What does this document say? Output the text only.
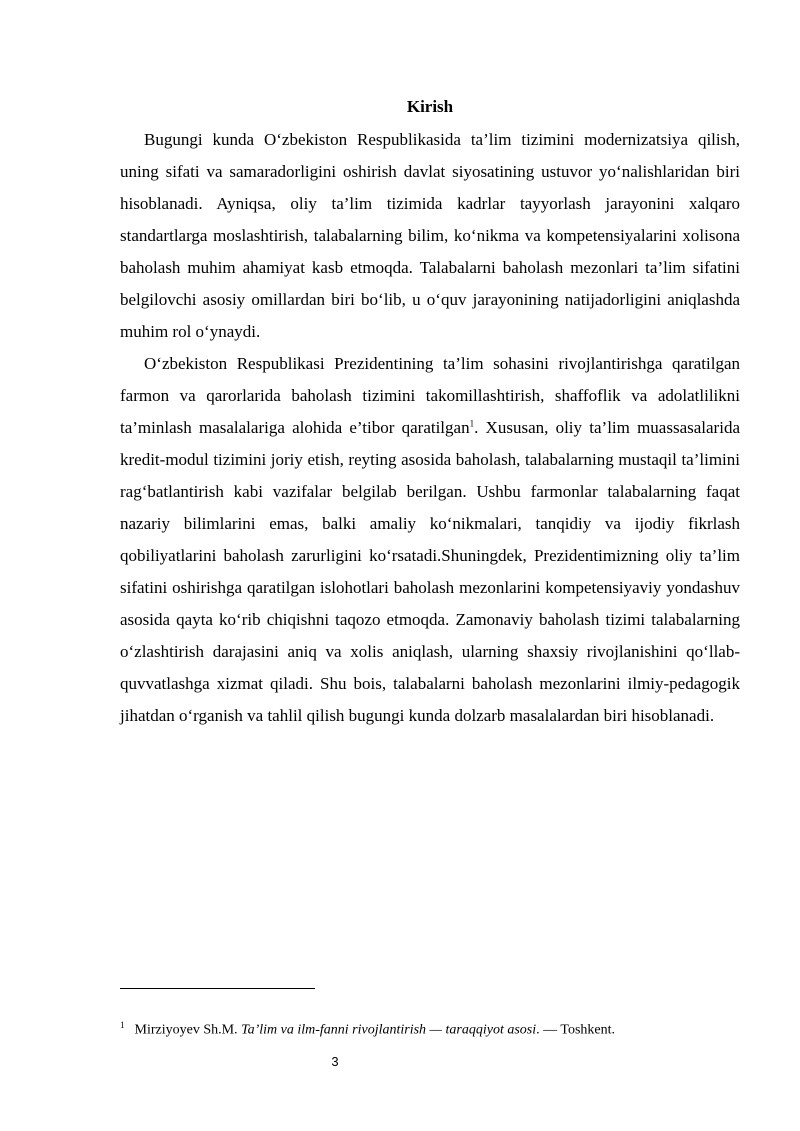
Kirish

Bugungi kunda O‘zbekiston Respublikasida ta’lim tizimini modernizatsiya qilish, uning sifati va samaradorligini oshirish davlat siyosatining ustuvor yo‘nalishlaridan biri hisoblanadi. Ayniqsa, oliy ta’lim tizimida kadrlar tayyorlash jarayonini xalqaro standartlarga moslashtirish, talabalarning bilim, ko‘nikma va kompetensiyalarini xolisona baholash muhim ahamiyat kasb etmoqda. Talabalarni baholash mezonlari ta’lim sifatini belgilovchi asosiy omillardan biri bo‘lib, u o‘quv jarayonining natijadorligini aniqlashda muhim rol o‘ynaydi.

O‘zbekiston Respublikasi Prezidentining ta’lim sohasini rivojlantirishga qaratilgan farmon va qarorlarida baholash tizimini takomillashtirish, shaffoflik va adolatlilikni ta’minlash masalalariga alohida e’tibor qaratilgan$^1$. Xususan, oliy ta’lim muassasalarida kredit-modul tizimini joriy etish, reyting asosida baholash, talabalarning mustaqil ta’limini rag‘batlantirish kabi vazifalar belgilab berilgan. Ushbu farmonlar talabalarning faqat nazariy bilimlarini emas, balki amaliy ko‘nikmalari, tanqidiy va ijodiy fikrlash qobiliyatlarini baholash zarurligini ko‘rsatadi.Shuningdek, Prezidentimizning oliy ta’lim sifatini oshirishga qaratilgan islohotlari baholash mezonlarini kompetensiyaviy yondashuv asosida qayta ko‘rib chiqishni taqozo etmoqda. Zamonaviy baholash tizimi talabalarning o‘zlashtirish darajasini aniq va xolis aniqlash, ularning shaxsiy rivojlanishini qo‘llab-quvvatlashga xizmat qiladi. Shu bois, talabalarni baholash mezonlarini ilmiy-pedagogik jihatdan o‘rganish va tahlil qilish bugungi kunda dolzarb masalalardan biri hisoblanadi.

$^1$ Mirziyoyev Sh.M. Ta’lim va ilm-fanni rivojlantirish — taraqqiyot asosi. — Toshkent.
3
